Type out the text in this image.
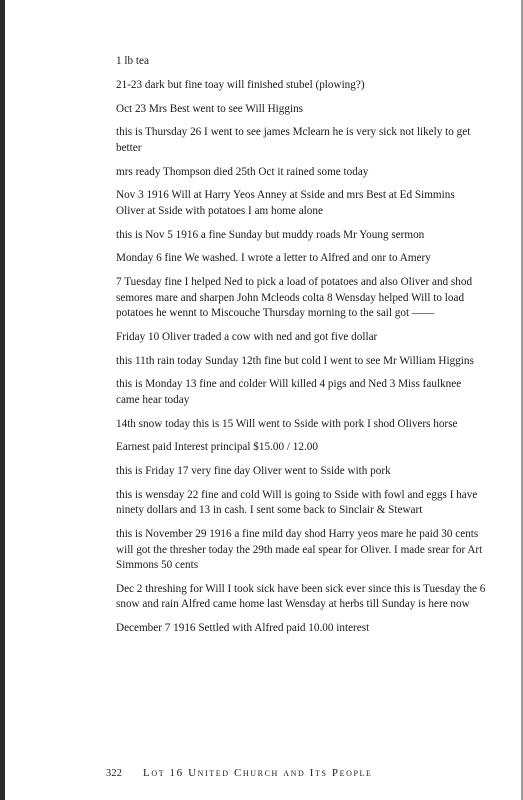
1 lb tea

21-23 dark but fine toay will finished stubel (plowing?)

Oct 23 Mrs Best went to see Will Higgins

this is Thursday 26 I went to see james Mclearn he is very sick not likely to get better

mrs ready Thompson died 25th Oct it rained some today

Nov 3 1916 Will at Harry Yeos Anney at Sside and mrs Best at Ed Simmins Oliver at Sside with potatoes I am home alone

this is Nov 5 1916 a fine Sunday but muddy roads Mr Young sermon

Monday 6 fine We washed. I wrote a letter to Alfred and onr to Amery

7 Tuesday fine I helped Ned to pick a load of potatoes and also Oliver and shod semores mare and sharpen John Mcleods colta 8 Wensday helped Will to load potatoes he wennt to Miscouche Thursday morning to the sail got ——

Friday 10 Oliver traded a cow with ned and got five dollar

this 11th rain today Sunday 12th fine but cold I went to see Mr William Higgins

this is Monday 13 fine and colder Will killed 4 pigs and Ned 3 Miss faulknee came hear today

14th snow today this is 15 Will went to Sside with pork I shod Olivers horse

Earnest paid Interest principal $15.00 / 12.00

this is Friday 17 very fine day Oliver went to Sside with pork

this is wensday 22 fine and cold Will is going to Sside with fowl and eggs I have ninety dollars and 13 in cash. I sent some back to Sinclair & Stewart

this is November 29 1916 a fine mild day shod Harry yeos mare he paid 30 cents will got the thresher today the 29th made eal spear for Oliver. I made srear for Art Simmons 50 cents

Dec 2 threshing for Will I took sick have been sick ever since this is Tuesday the 6 snow and rain Alfred came home last Wensday at herbs till Sunday is here now

December 7 1916 Settled with Alfred paid 10.00 interest

322 Lot 16 United Church and Its People
